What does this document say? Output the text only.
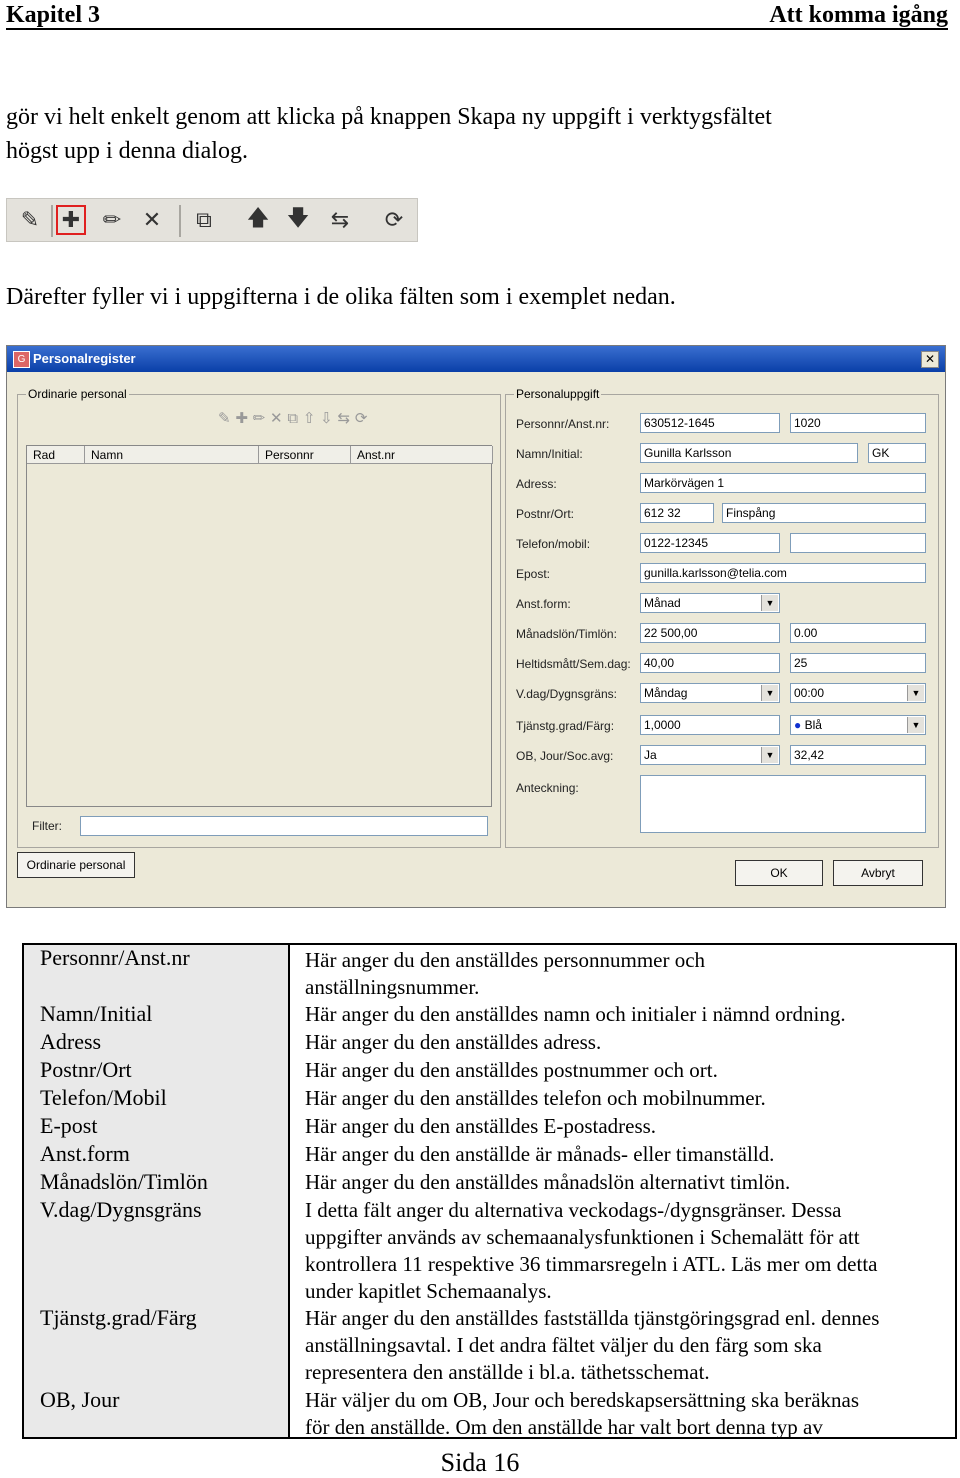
Kapitel 3	Att komma igång
gör vi helt enkelt genom att klicka på knappen Skapa ny uppgift i verktygsfältet
högst upp i denna dialog.
✎ ✚ ✏ ✕	⧉	🡅 🡇 ⇆ ⟳
Därefter fyller vi i uppgifterna i de olika fälten som i exemplet nedan.
G Personalregister	✕
Ordinarie personal
✎ ✚ ✏ ✕ ⧉ ⇧ ⇩ ⇆ ⟳
Rad	Namn	Personnr	Anst.nr
Filter:
Ordinarie personal
Personaluppgift
Personnr/Anst.nr:	630512-1645	1020
Namn/Initial:	Gunilla Karlsson	GK
Adress:	Markörvägen 1
Postnr/Ort:	612 32	Finspång
Telefon/mobil:	0122-12345
Epost:	gunilla.karlsson@telia.com
Anst.form:	Månad	▼
Månadslön/Timlön:	22 500,00	0.00
Heltidsmått/Sem.dag:	40,00	25
V.dag/Dygnsgräns:	Måndag	▼	00:00	▼
Tjänstg.grad/Färg:	1,0000	● Blå	▼
OB, Jour/Soc.avg:	Ja	▼	32,42
Anteckning:
OK	Avbryt
Personnr/Anst.nr	Här anger du den anställdes personnummer och
anställningsnummer.
Namn/Initial	Här anger du den anställdes namn och initialer i nämnd ordning.
Adress	Här anger du den anställdes adress.
Postnr/Ort	Här anger du den anställdes postnummer och ort.
Telefon/Mobil	Här anger du den anställdes telefon och mobilnummer.
E-post	Här anger du den anställdes E-postadress.
Anst.form	Här anger du den anställde är månads- eller timanställd.
Månadslön/Timlön	Här anger du den anställdes månadslön alternativt timlön.
V.dag/Dygnsgräns	I detta fält anger du alternativa veckodags-/dygnsgränser. Dessa
uppgifter används av schemaanalysfunktionen i Schemalätt för att
kontrollera 11 respektive 36 timmarsregeln i ATL. Läs mer om detta
under kapitlet Schemaanalys.
Tjänstg.grad/Färg	Här anger du den anställdes fastställda tjänstgöringsgrad enl. dennes
anställningsavtal. I det andra fältet väljer du den färg som ska
representera den anställde i bl.a. täthetsschemat.
OB, Jour	Här väljer du om OB, Jour och beredskapsersättning ska beräknas
för den anställde. Om den anställde har valt bort denna typ av
Sida 16
